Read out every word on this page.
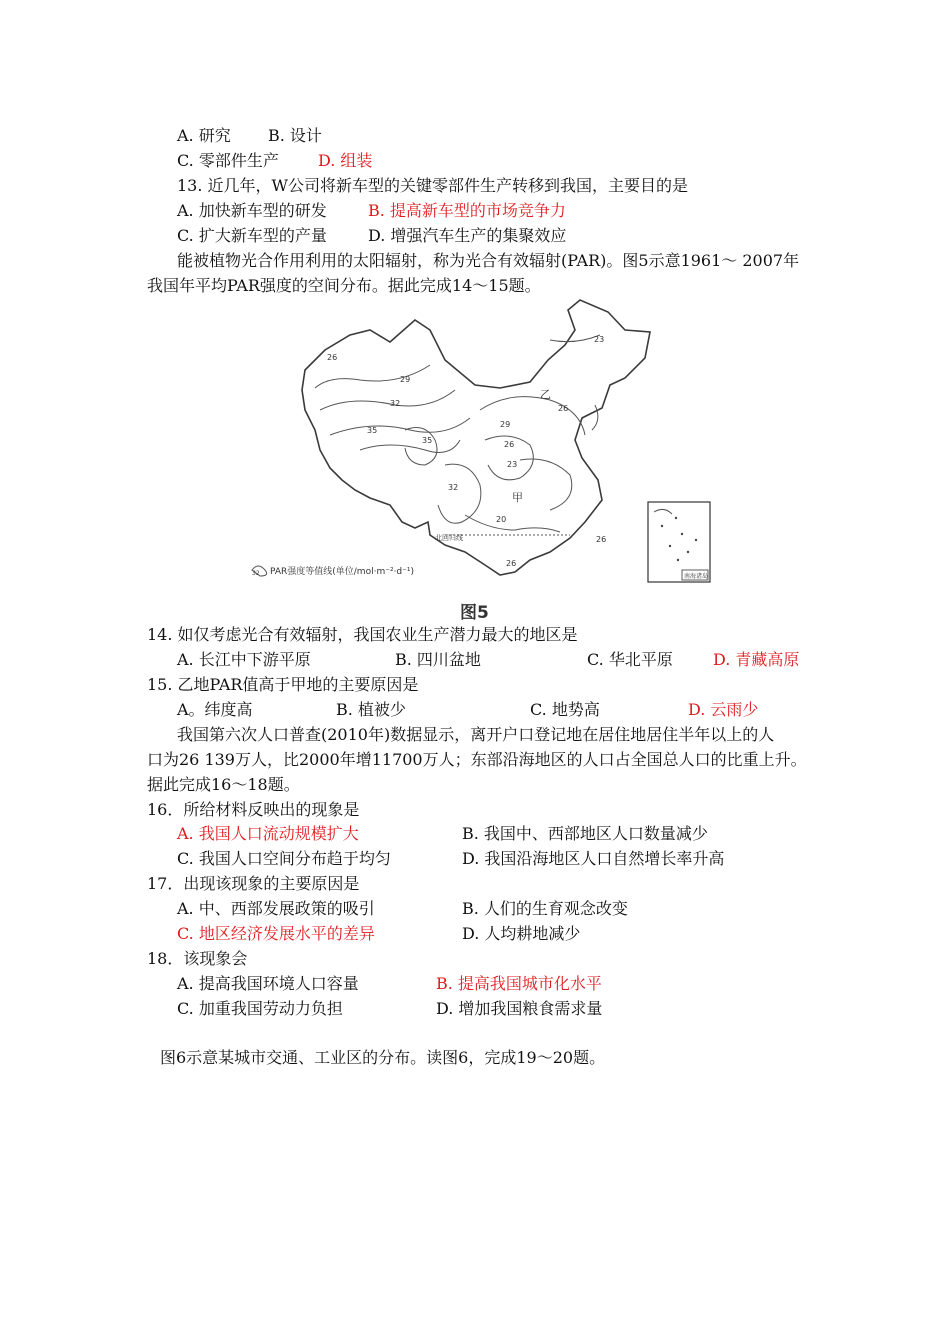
A. 研究 B. 设计
C. 零部件生产 D. 组装
13. 近几年，W公司将新车型的关键零部件生产转移到我国，主要目的是
A. 加快新车型的研发	B. 提高新车型的市场竞争力
C. 扩大新车型的产量	D. 增强汽车生产的集聚效应
能被植物光合作用利用的太阳辐射，称为光合有效辐射(PAR)。图5示意1961～ 2007年
我国年平均PAR强度的空间分布。据此完成14～15题。
26
29
32
35
35
23
26
29
26
23
32
20
26
26
甲
乙
北回归线
南海诸岛
32 PAR强度等值线(单位/mol·m⁻²·d⁻¹)
图5
14. 如仅考虑光合有效辐射，我国农业生产潜力最大的地区是
A. 长江中下游平原	B. 四川盆地	C. 华北平原	D. 青藏高原
15. 乙地PAR值高于甲地的主要原因是
A。纬度高	B. 植被少	C. 地势高	D. 云雨少
我国第六次人口普查(2010年)数据显示，离开户口登记地在居住地居住半年以上的人
口为26 139万人，比2000年增11700万人；东部沿海地区的人口占全国总人口的比重上升。
据此完成16～18题。
16．所给材料反映出的现象是
A. 我国人口流动规模扩大	B. 我国中、西部地区人口数量减少
C. 我国人口空间分布趋于均匀	D. 我国沿海地区人口自然增长率升高
17．出现该现象的主要原因是
A. 中、西部发展政策的吸引	B. 人们的生育观念改变
C. 地区经济发展水平的差异	D. 人均耕地减少
18．该现象会
A. 提高我国环境人口容量	B. 提高我国城市化水平
C. 加重我国劳动力负担	D. 增加我国粮食需求量
图6示意某城市交通、工业区的分布。读图6，完成19～20题。
